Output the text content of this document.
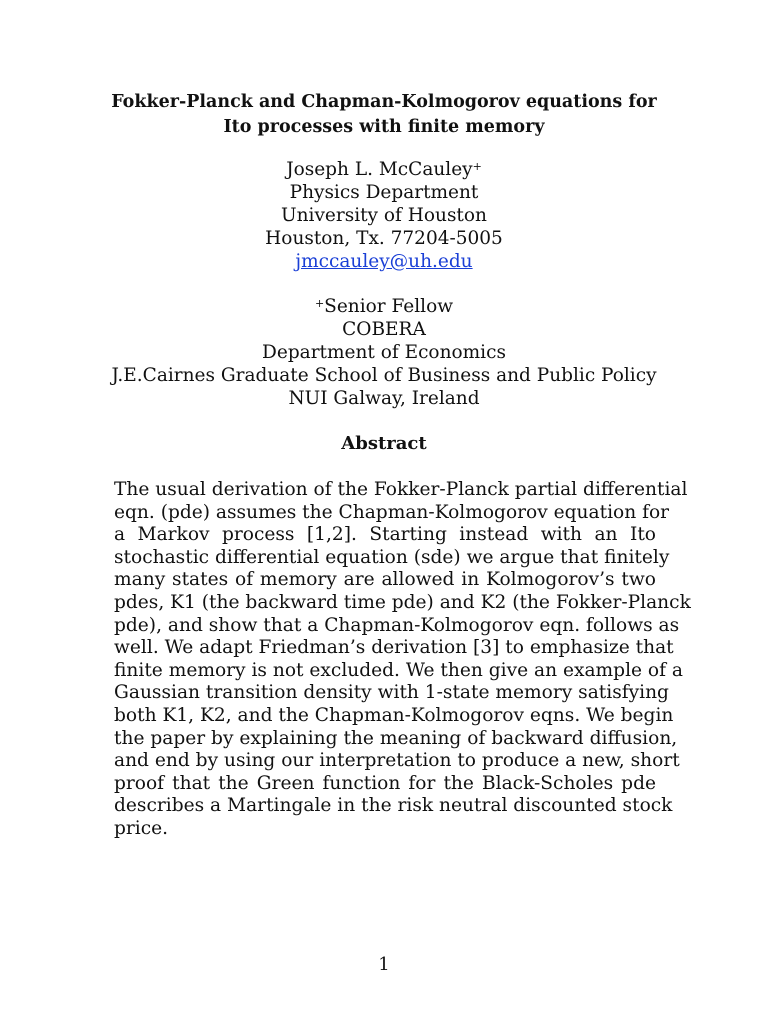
Fokker-Planck and Chapman-Kolmogorov equations for
Ito processes with finite memory
Joseph L. McCauley+
Physics Department
University of Houston
Houston, Tx. 77204-5005
jmccauley@uh.edu
+Senior Fellow
COBERA
Department of Economics
J.E.Cairnes Graduate School of Business and Public Policy
NUI Galway, Ireland
Abstract
The usual derivation of the Fokker-Planck partial differential
eqn. (pde) assumes the Chapman-Kolmogorov equation for
a Markov process [1,2]. Starting instead with an Ito
stochastic differential equation (sde) we argue that finitely
many states of memory are allowed in Kolmogorov’s two
pdes, K1 (the backward time pde) and K2 (the Fokker-Planck
pde), and show that a Chapman-Kolmogorov eqn. follows as
well. We adapt Friedman’s derivation [3] to emphasize that
finite memory is not excluded. We then give an example of a
Gaussian transition density with 1-state memory satisfying
both K1, K2, and the Chapman-Kolmogorov eqns. We begin
the paper by explaining the meaning of backward diffusion,
and end by using our interpretation to produce a new, short
proof that the Green function for the Black-Scholes pde
describes a Martingale in the risk neutral discounted stock
price.
1
